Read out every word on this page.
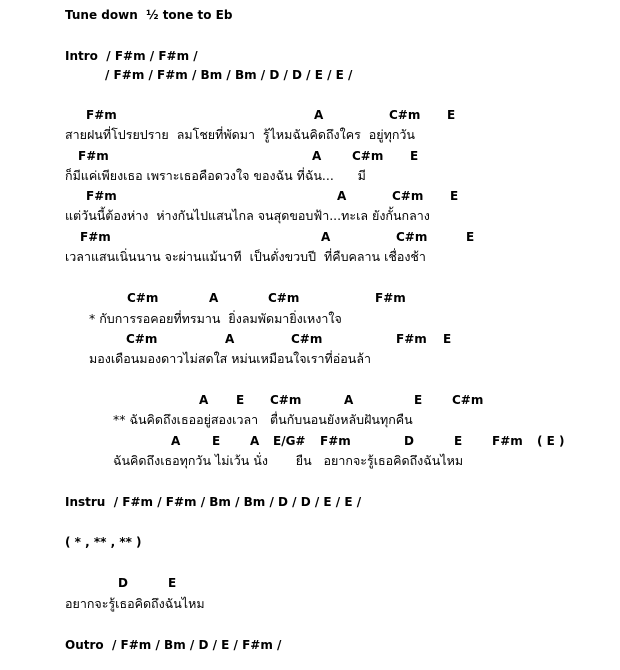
Tune down  ½ tone to Eb
Intro  / F#m / F#m /
/ F#m / F#m / Bm / Bm / D / D / E / E /
F#m	A	C#m E
สายฝนที่โปรยปราย  ลมโชยที่พัดมา  รู้ไหมฉันคิดถึงใคร  อยู่ทุกวัน
F#m	A	C#m E
ก็มีแค่เพียงเธอ เพราะเธอคือดวงใจ ของฉัน ที่ฉัน...      มี
F#m	A	C#m E
แต่วันนี้ต้องห่าง  ห่างกันไปแสนไกล จนสุดขอบฟ้า...ทะเล ยังกั้นกลาง
F#m	A	C#m	E
เวลาแสนเนิ่นนาน จะผ่านแม้นาที  เป็นดั่งขวบปี  ที่คืบคลาน เชื่องช้า
C#m	A	C#m	F#m
* กับการรอคอยที่ทรมาน  ยิ่งลมพัดมายิ่งเหงาใจ
C#m	A	C#m	F#m E
มองเดือนมองดาวไม่สดใส หม่นเหมือนใจเราที่อ่อนล้า
A E C#m	A	E C#m
** ฉันคิดถึงเธออยู่สองเวลา   ตื่นกับนอนยังหลับฝันทุกคืน
A	E A E/G# F#m	D	E F#m ( E )
ฉันคิดถึงเธอทุกวัน ไม่เว้น นั่ง       ยืน   อยากจะรู้เธอคิดถึงฉันไหม
Instru  / F#m / F#m / Bm / Bm / D / D / E / E /
( * , ** , ** )
D	E
อยากจะรู้เธอคิดถึงฉันไหม
Outro  / F#m / Bm / D / E / F#m /
